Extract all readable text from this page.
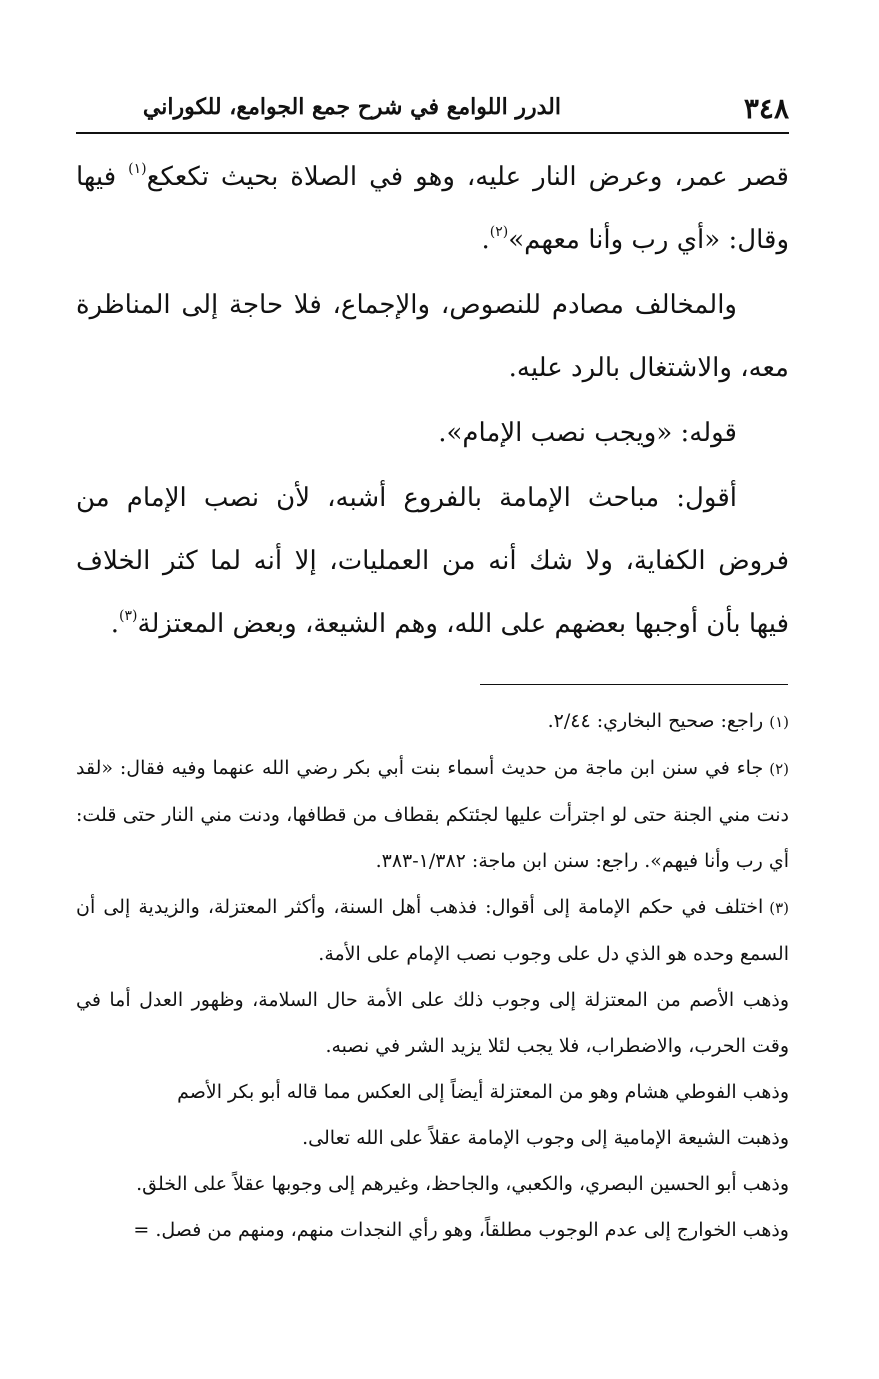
٣٤٨
الدرر اللوامع في شرح جمع الجوامع، للكوراني

قصر عمر، وعرض النار عليه، وهو في الصلاة بحيث تكعكع$^{(١)}$ فيها وقال: «أي رب وأنا معهم»$^{(٢)}$.

والمخالف مصادم للنصوص، والإجماع، فلا حاجة إلى المناظرة معه، والاشتغال بالرد عليه.

قوله: «ويجب نصب الإمام».

أقول: مباحث الإمامة بالفروع أشبه، لأن نصب الإمام من فروض الكفاية، ولا شك أنه من العمليات، إلا أنه لما كثر الخلاف فيها بأن أوجبها بعضهم على الله، وهم الشيعة، وبعض المعتزلة$^{(٣)}$.

(١)راجع: صحيح البخاري: ٢/٤٤.

(٢)جاء في سنن ابن ماجة من حديث أسماء بنت أبي بكر رضي الله عنهما وفيه فقال: «لقد دنت مني الجنة حتى لو اجترأت عليها لجئتكم بقطاف من قطافها، ودنت مني النار حتى قلت: أي رب وأنا فيهم». راجع: سنن ابن ماجة: ١/٣٨٢-٣٨٣.

(٣)اختلف في حكم الإمامة إلى أقوال: فذهب أهل السنة، وأكثر المعتزلة، والزيدية إلى أن السمع وحده هو الذي دل على وجوب نصب الإمام على الأمة.

وذهب الأصم من المعتزلة إلى وجوب ذلك على الأمة حال السلامة، وظهور العدل أما في وقت الحرب، والاضطراب، فلا يجب لئلا يزيد الشر في نصبه.

وذهب الفوطي هشام وهو من المعتزلة أيضاً إلى العكس مما قاله أبو بكر الأصم

وذهبت الشيعة الإمامية إلى وجوب الإمامة عقلاً على الله تعالى.

وذهب أبو الحسين البصري، والكعبي، والجاحظ، وغيرهم إلى وجوبها عقلاً على الخلق.

وذهب الخوارج إلى عدم الوجوب مطلقاً، وهو رأي النجدات منهم، ومنهم من فصل. =
